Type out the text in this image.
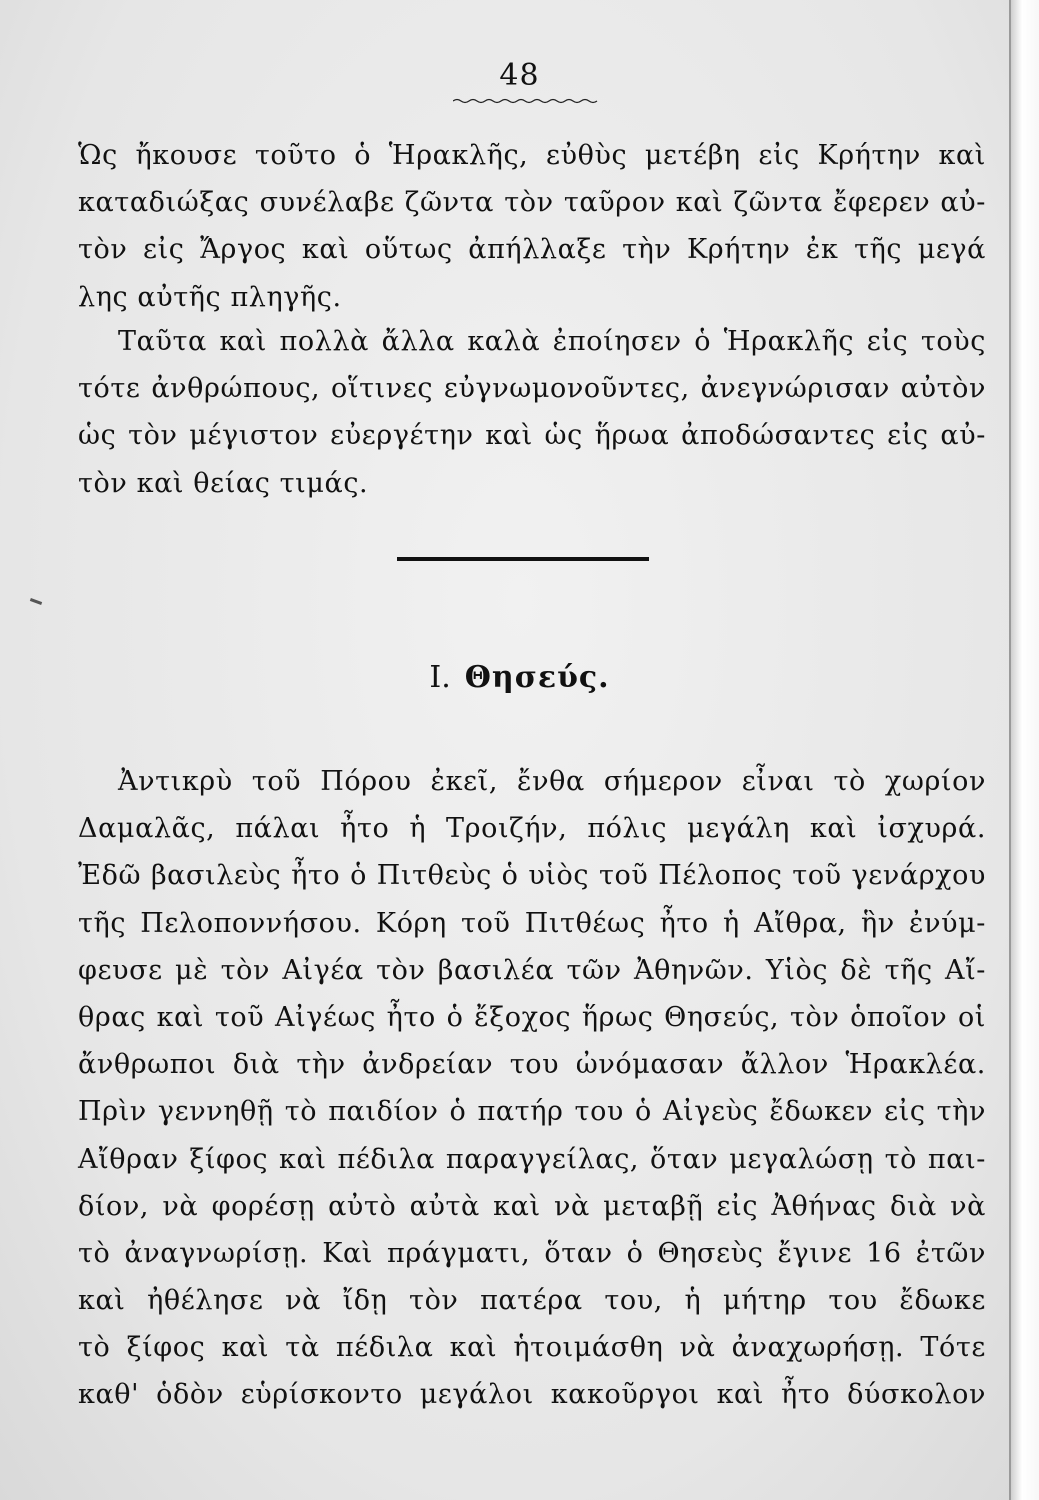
48
Ὡς ἤκουσε τοῦτο ὁ Ἡρακλῆς, εὐθὺς μετέβη εἰς Κρήτην καὶ
καταδιώξας συνέλαβε ζῶντα τὸν ταῦρον καὶ ζῶντα ἔφερεν αὐ-
τὸν εἰς Ἄργος καὶ οὕτως ἀπήλλαξε τὴν Κρήτην ἐκ τῆς μεγά
λης αὐτῆς πληγῆς.
Ταῦτα καὶ πολλὰ ἄλλα καλὰ ἐποίησεν ὁ Ἡρακλῆς εἰς τοὺς
τότε ἀνθρώπους, οἵτινες εὐγνωμονοῦντες, ἀνεγνώρισαν αὐτὸν
ὡς τὸν μέγιστον εὐεργέτην καὶ ὡς ἥρωα ἀποδώσαντες εἰς αὐ-
τὸν καὶ θείας τιμάς.
Ι. Θησεύς.
Ἀντικρὺ τοῦ Πόρου ἐκεῖ, ἔνθα σήμερον εἶναι τὸ χωρίον
Δαμαλᾶς, πάλαι ἦτο ἡ Τροιζήν, πόλις μεγάλη καὶ ἰσχυρά.
Ἐδῶ βασιλεὺς ἦτο ὁ Πιτθεὺς ὁ υἱὸς τοῦ Πέλοπος τοῦ γενάρχου
τῆς Πελοποννήσου. Κόρη τοῦ Πιτθέως ἦτο ἡ Αἴθρα, ἣν ἐνύμ-
φευσε μὲ τὸν Αἰγέα τὸν βασιλέα τῶν Ἀθηνῶν. Υἱὸς δὲ τῆς Αἴ-
θρας καὶ τοῦ Αἰγέως ἦτο ὁ ἔξοχος ἥρως Θησεύς, τὸν ὁποῖον οἱ
ἄνθρωποι διὰ τὴν ἀνδρείαν του ὠνόμασαν ἄλλον Ἡρακλέα.
Πρὶν γεννηθῇ τὸ παιδίον ὁ πατήρ του ὁ Αἰγεὺς ἔδωκεν εἰς τὴν
Αἴθραν ξίφος καὶ πέδιλα παραγγείλας, ὅταν μεγαλώσῃ τὸ παι-
δίον, νὰ φορέσῃ αὐτὸ αὐτὰ καὶ νὰ μεταβῇ εἰς Ἀθήνας διὰ νὰ
τὸ ἀναγνωρίσῃ. Καὶ πράγματι, ὅταν ὁ Θησεὺς ἔγινε 16 ἐτῶν
καὶ ἠθέλησε νὰ ἴδῃ τὸν πατέρα του, ἡ μήτηρ του ἔδωκε
τὸ ξίφος καὶ τὰ πέδιλα καὶ ἡτοιμάσθη νὰ ἀναχωρήσῃ. Τότε
καθ' ὁδὸν εὑρίσκοντο μεγάλοι κακοῦργοι καὶ ἦτο δύσκολον
